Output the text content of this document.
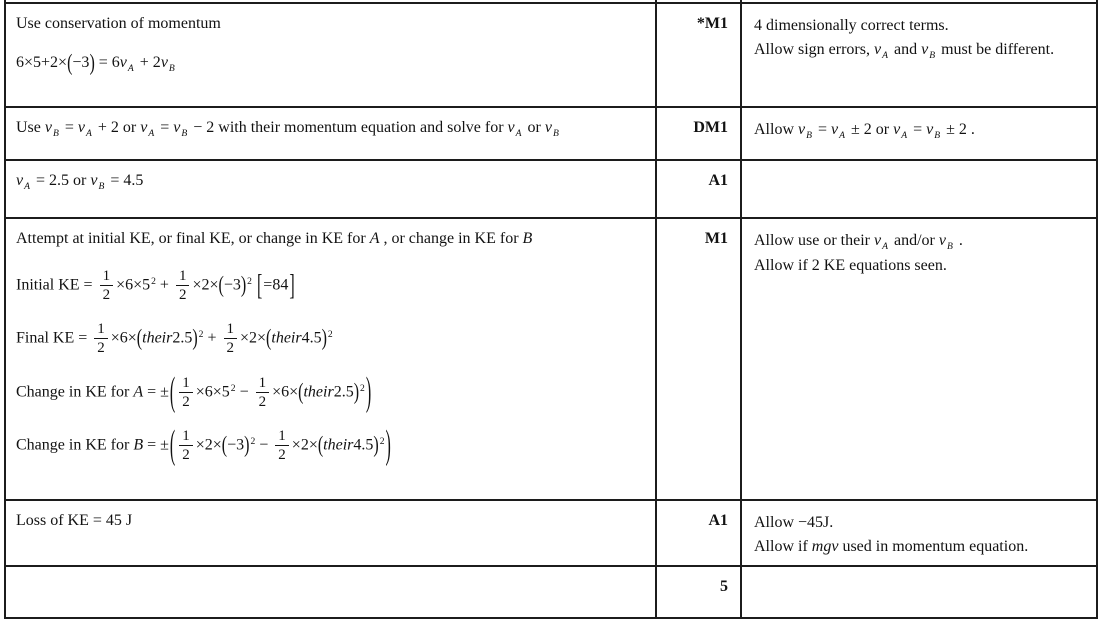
Use conservation of momentum
$6\times 5+2\times(-3) = 6v_A + 2v_B$
	*M1	4 dimensionally correct terms.
Allow sign errors, $v_A$ and $v_B$ must be different.

Use $v_B = v_A + 2$ or $v_A = v_B - 2$ with their momentum equation and solve for $v_A$ or $v_B$	DM1	Allow $v_B = v_A \pm 2$ or $v_A = v_B \pm 2$ .

$v_A = 2.5$ or $v_B = 4.5$	A1	

Attempt at initial KE, or final KE, or change in KE for A , or change in KE for B
Initial KE = $\frac{1}{2} \times 6\times 5^2 + \frac{1}{2} \times 2\times(-3)^2$ [=84]
Final KE = $\frac{1}{2}$ ×6×(their2.5)$^2$ + $\frac{1}{2}$ ×2×(their4.5)$^2$
Change in KE for A = ±( $\frac{1}{2} \times 6\times 5^2 - \frac{1}{2}$ ×6×(their2.5)$^2$)
Change in KE for B = ±( $\frac{1}{2} \times 2\times(-3)^2 - \frac{1}{2}$ ×2×(their4.5)$^2$)
	M1	Allow use or their $v_A$ and/or $v_B$ .
Allow if 2 KE equations seen.

Loss of KE = 45 J	A1	Allow −45J.
Allow if mgv used in momentum equation.

	5	
